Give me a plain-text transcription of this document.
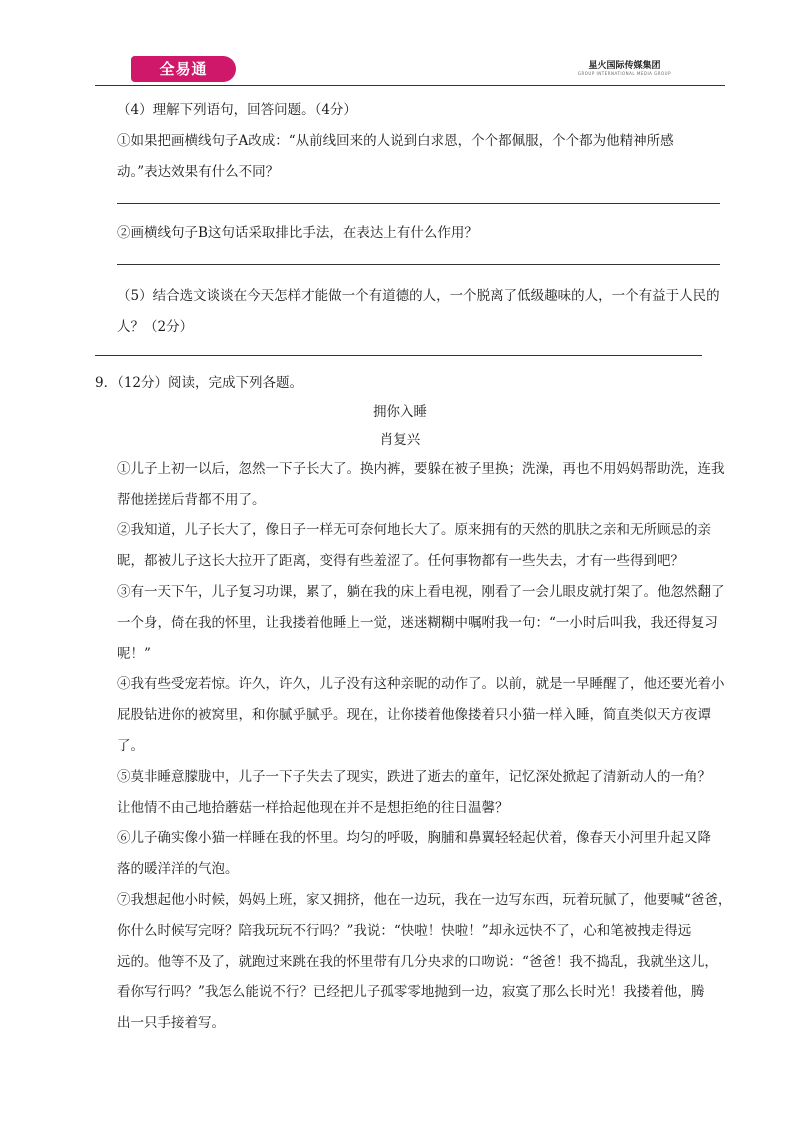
全易通	星火国际传媒集团
GROUP INTERNATIONAL MEDIA GROUP
（4）理解下列语句，回答问题。（4分）
①如果把画横线句子A改成：“从前线回来的人说到白求恩，个个都佩服，个个都为他精神所感
动。”表达效果有什么不同？
②画横线句子B这句话采取排比手法，在表达上有什么作用？
（5）结合选文谈谈在今天怎样才能做一个有道德的人，一个脱离了低级趣味的人，一个有益于人民的
人？（2分）
9．（12分）阅读，完成下列各题。
拥你入睡
肖复兴
①儿子上初一以后，忽然一下子长大了。换内裤，要躲在被子里换；洗澡，再也不用妈妈帮助洗，连我
帮他搓搓后背都不用了。
②我知道，儿子长大了，像日子一样无可奈何地长大了。原来拥有的天然的肌肤之亲和无所顾忌的亲
昵，都被儿子这长大拉开了距离，变得有些羞涩了。任何事物都有一些失去，才有一些得到吧？
③有一天下午，儿子复习功课，累了，躺在我的床上看电视，刚看了一会儿眼皮就打架了。他忽然翻了
一个身，倚在我的怀里，让我搂着他睡上一觉，迷迷糊糊中嘱咐我一句：“一小时后叫我，我还得复习
呢！”
④我有些受宠若惊。许久，许久，儿子没有这种亲昵的动作了。以前，就是一早睡醒了，他还要光着小
屁股钻进你的被窝里，和你腻乎腻乎。现在，让你搂着他像搂着只小猫一样入睡，简直类似天方夜谭
了。
⑤莫非睡意朦胧中，儿子一下子失去了现实，跌进了逝去的童年，记忆深处掀起了清新动人的一角？
让他情不由己地拾蘑菇一样拾起他现在并不是想拒绝的往日温馨？
⑥儿子确实像小猫一样睡在我的怀里。均匀的呼吸，胸脯和鼻翼轻轻起伏着，像春天小河里升起又降
落的暖洋洋的气泡。
⑦我想起他小时候，妈妈上班，家又拥挤，他在一边玩，我在一边写东西，玩着玩腻了，他要喊“爸爸，
你什么时候写完呀？陪我玩玩不行吗？”我说：“快啦！快啦！”却永远快不了，心和笔被拽走得远
远的。他等不及了，就跑过来跳在我的怀里带有几分央求的口吻说：“爸爸！我不捣乱，我就坐这儿，
看你写行吗？”我怎么能说不行？已经把儿子孤零零地抛到一边，寂寞了那么长时光！我搂着他，腾
出一只手接着写。
